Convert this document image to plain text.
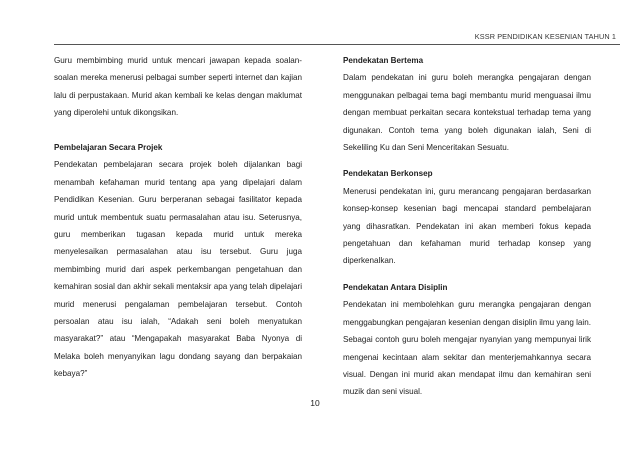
KSSR PENDIDIKAN KESENIAN TAHUN 1

Guru membimbing murid untuk mencari jawapan kepada soalan-soalan mereka menerusi pelbagai sumber seperti internet dan kajian lalu di perpustakaan. Murid akan kembali ke kelas dengan maklumat yang diperolehi untuk dikongsikan.

Pembelajaran Secara Projek

Pendekatan pembelajaran secara projek boleh dijalankan bagi menambah kefahaman murid tentang apa yang dipelajari dalam Pendidikan Kesenian. Guru berperanan sebagai fasilitator kepada murid untuk membentuk suatu permasalahan atau isu. Seterusnya, guru memberikan tugasan kepada murid untuk mereka menyelesaikan permasalahan atau isu tersebut. Guru juga membimbing murid dari aspek perkembangan pengetahuan dan kemahiran sosial dan akhir sekali mentaksir apa yang telah dipelajari murid menerusi pengalaman pembelajaran tersebut. Contoh persoalan atau isu ialah, “Adakah seni boleh menyatukan masyarakat?” atau “Mengapakah masyarakat Baba Nyonya di Melaka boleh menyanyikan lagu dondang sayang dan berpakaian kebaya?”

Pendekatan Bertema

Dalam pendekatan ini guru boleh merangka pengajaran dengan menggunakan pelbagai tema bagi membantu murid menguasai ilmu dengan membuat perkaitan secara kontekstual terhadap tema yang digunakan. Contoh tema yang boleh digunakan ialah, Seni di Sekeliling Ku dan Seni Menceritakan Sesuatu.

Pendekatan Berkonsep

Menerusi pendekatan ini, guru merancang pengajaran berdasarkan konsep-konsep kesenian bagi mencapai standard pembelajaran yang dihasratkan. Pendekatan ini akan memberi fokus kepada pengetahuan dan kefahaman murid terhadap konsep yang diperkenalkan.

Pendekatan Antara Disiplin

Pendekatan ini membolehkan guru merangka pengajaran dengan menggabungkan pengajaran kesenian dengan disiplin ilmu yang lain. Sebagai contoh guru boleh mengajar nyanyian yang mempunyai lirik mengenai kecintaan alam sekitar dan menterjemahkannya secara visual. Dengan ini murid akan mendapat ilmu dan kemahiran seni muzik dan seni visual.

10
